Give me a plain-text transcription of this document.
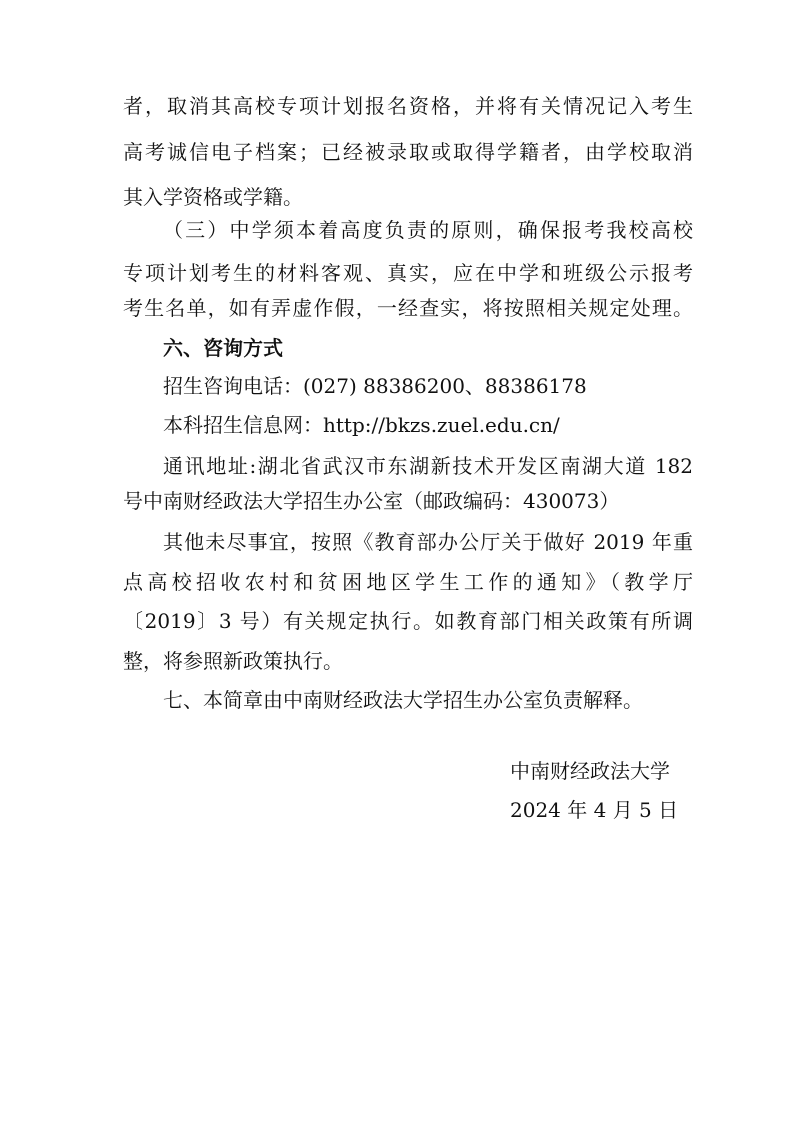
者，取消其高校专项计划报名资格，并将有关情况记入考生
高考诚信电子档案；已经被录取或取得学籍者，由学校取消
其入学资格或学籍。
（三）中学须本着高度负责的原则，确保报考我校高校
专项计划考生的材料客观、真实，应在中学和班级公示报考
考生名单，如有弄虚作假，一经查实，将按照相关规定处理。
六、咨询方式
招生咨询电话：(027) 88386200、88386178
本科招生信息网：http://bkzs.zuel.edu.cn/
通讯地址:湖北省武汉市东湖新技术开发区南湖大道 182
号中南财经政法大学招生办公室（邮政编码：430073）
其他未尽事宜，按照《教育部办公厅关于做好 2019 年重
点高校招收农村和贫困地区学生工作的通知》（教学厅
〔2019〕3 号）有关规定执行。如教育部门相关政策有所调
整，将参照新政策执行。
七、本简章由中南财经政法大学招生办公室负责解释。
中南财经政法大学
2024 年 4 月 5 日
